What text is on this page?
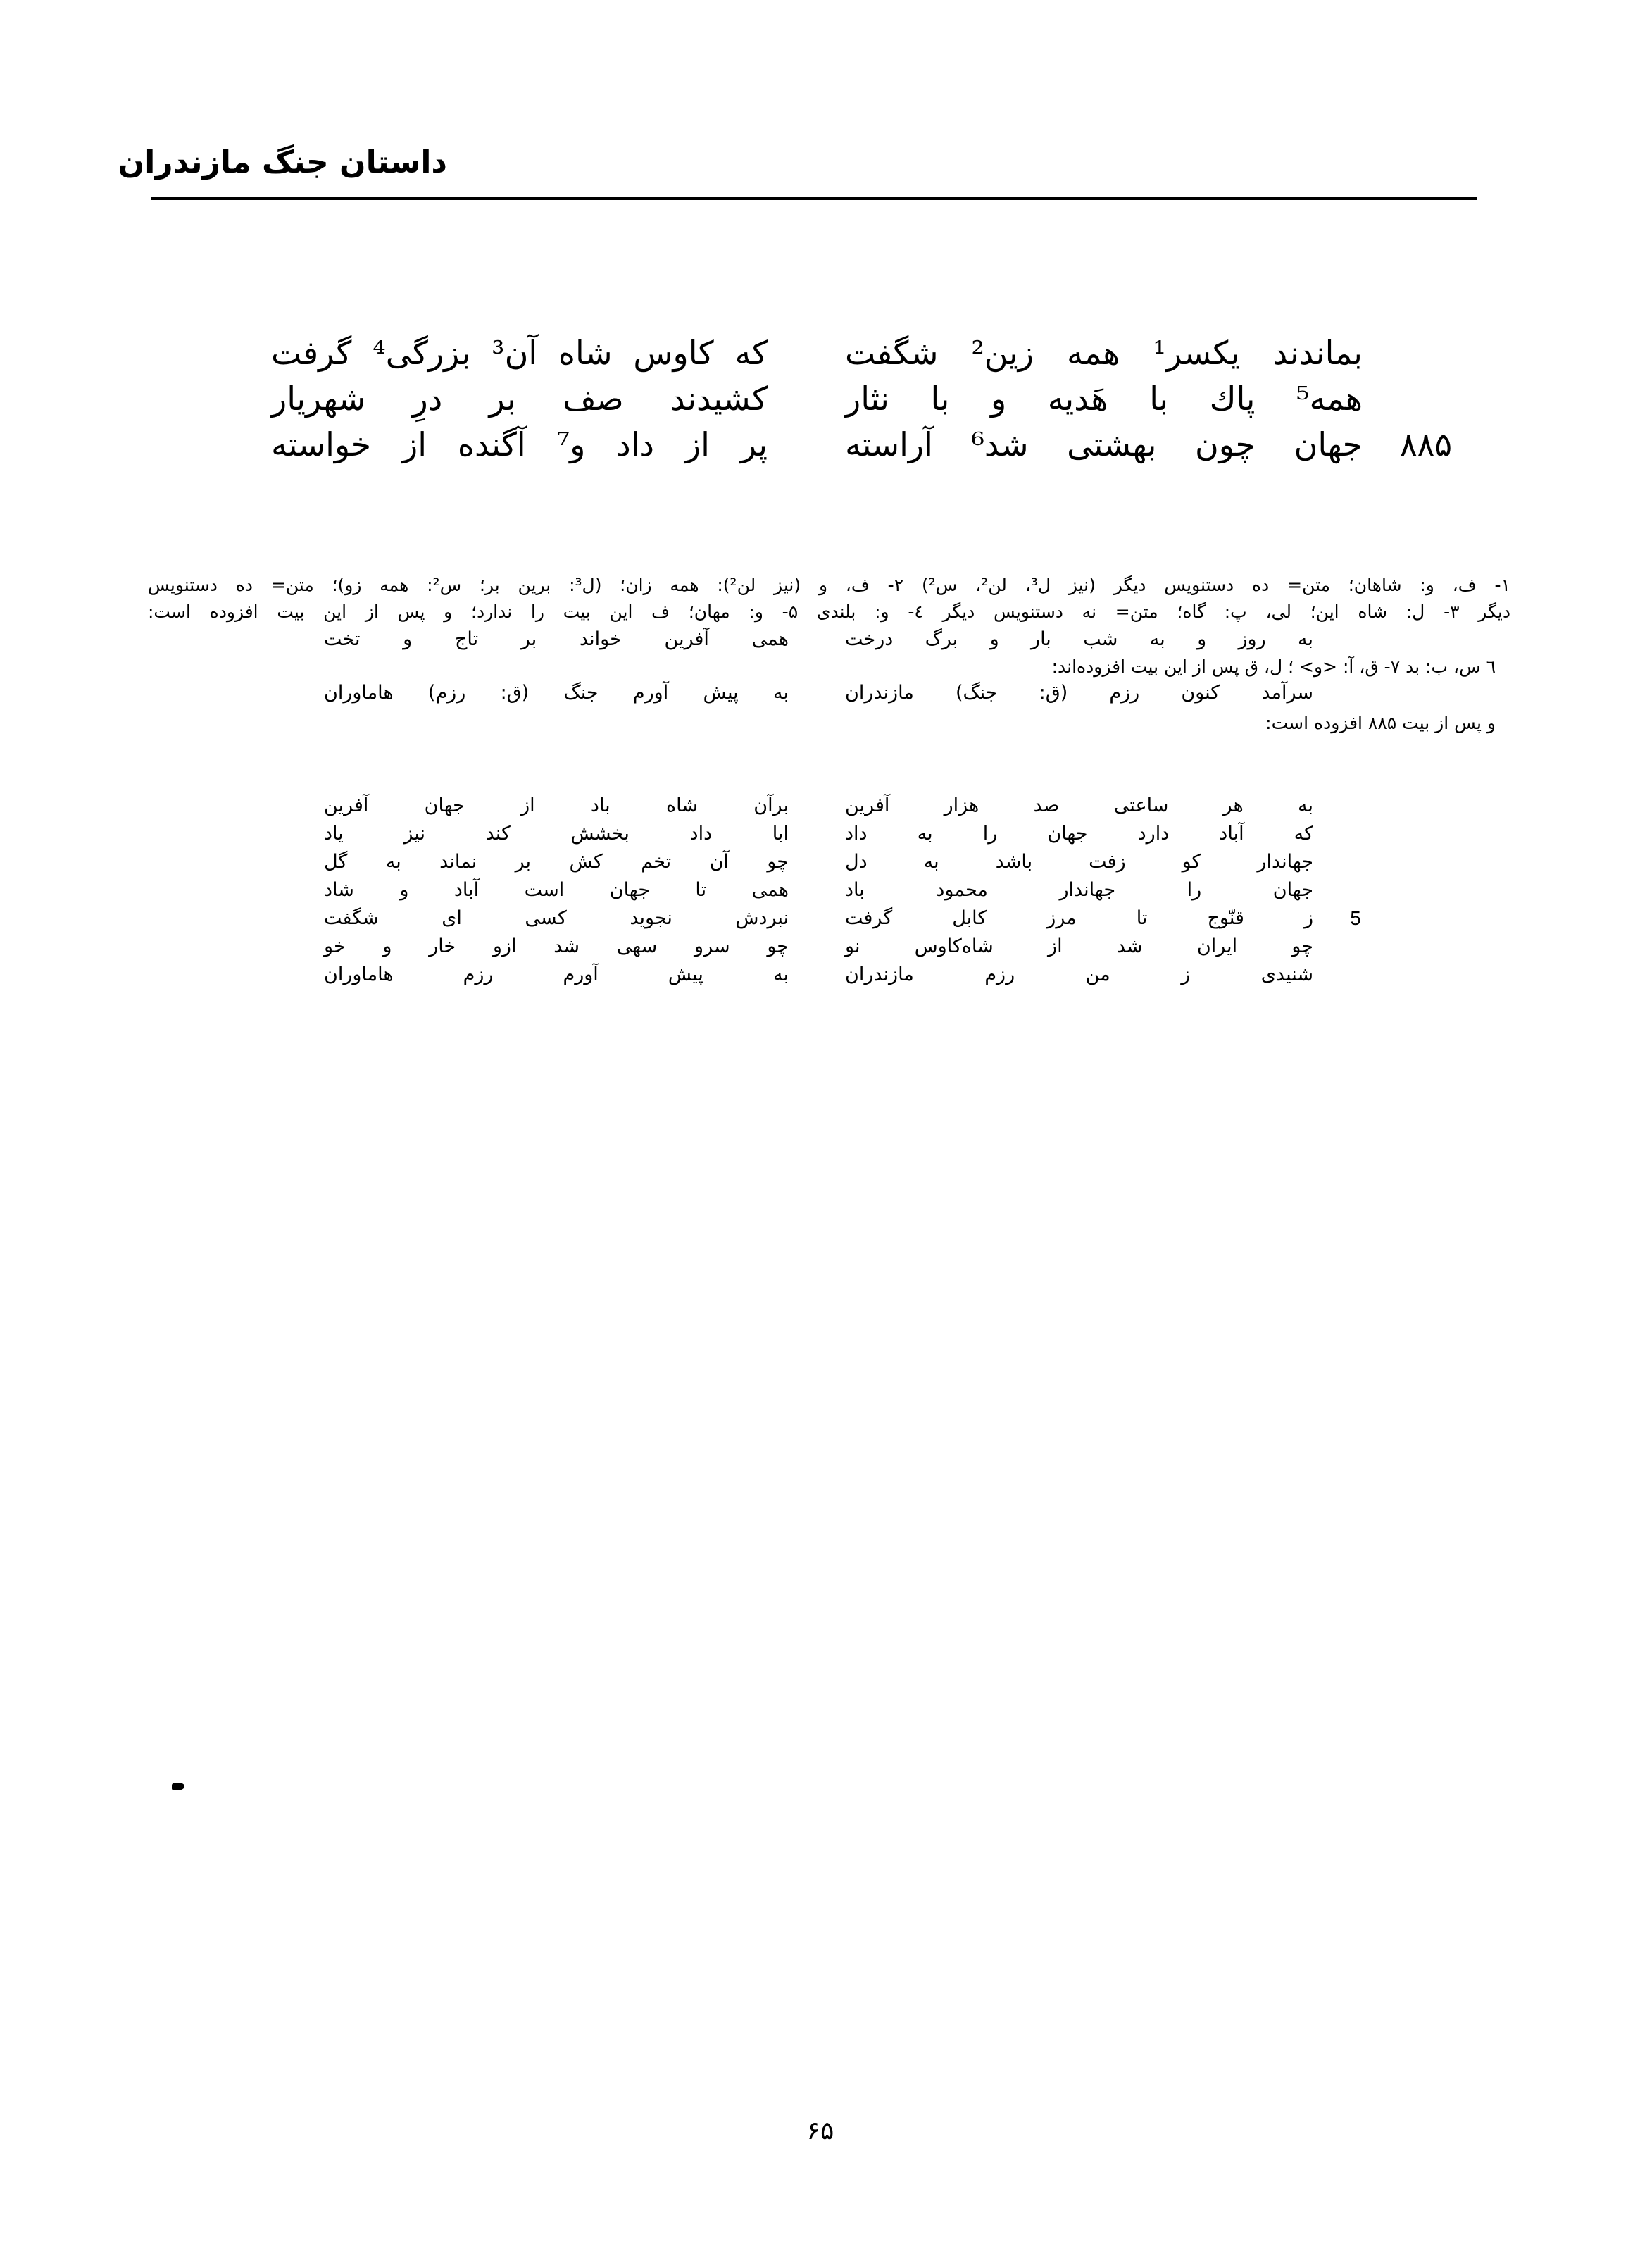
داستان جنگ مازندران
بماندند یکسر¹ همه زین² شگفت
که کاوس شاه آن³ بزرگی⁴ گرفت
همه⁵ پاك با هَدیه و با نثار
کشیدند صف بر درِ شهریار
۸۸۵
جهان چون بهشتی شد⁶ آراسته
پر از داد و⁷ آگنده از خواسته
۱- ف، و: شاهان؛ متن= ده دستنویس دیگر (نیز ل³، لن²، س²) ۲- ف، و (نیز لن²): همه زان؛ (ل³: برین بر؛ س²: همه زو)؛ متن= ده دستنویس
دیگر ۳- ل: شاه این؛ لی، پ: گاه؛ متن= نه دستنویس دیگر ٤- و: بلندی ۵- و: مهان؛ ف این بیت را ندارد؛ و پس از این بیت افزوده است:
به روز و به شب بار و برگ درخت
همی آفرین خواند بر تاج و تخت
٦ س، ب: بد ۷- ق، آ: <و> ؛ ل، ق پس از این بیت افزوده‌اند:
سرآمد کنون رزم (ق: جنگ) مازندران
به پیش آورم جنگ (ق: رزم) هاماوران
و پس از بیت ۸۸۵ افزوده است:
به هر ساعتی صد هزار آفرین
برآن شاه باد از جهان آفرین
که آباد دارد جهان را به داد
ابا داد بخشش کند نیز یاد
جهاندار کو زفت باشد به دل
چو آن تخم کش بر نماند به گل
جهان را جهاندار محمود باد
همی تا جهان است آباد و شاد
5
ز قنّوج تا مرز کابل گرفت
نبردش نجوید کسی ای شگفت
چو ایران شد از شاه‌کاوس نو
چو سرو سهی شد ازو خار و خو
شنیدی ز من رزم مازندران
به پیش آورم رزم هاماوران
۶۵
